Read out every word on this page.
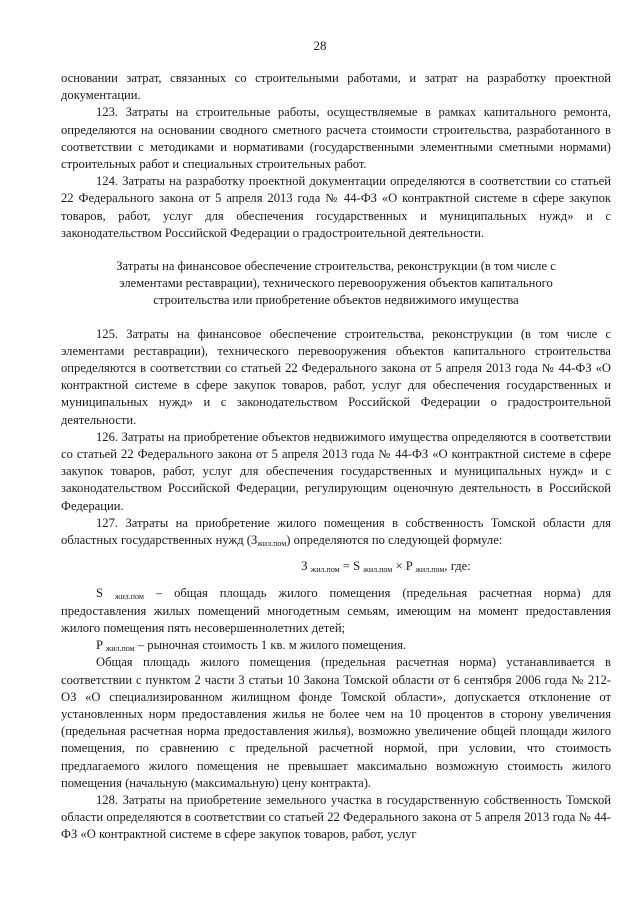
28

основании затрат, связанных со строительными работами, и затрат на разработку проектной документации.

123. Затраты на строительные работы, осуществляемые в рамках капитального ремонта, определяются на основании сводного сметного расчета стоимости строительства, разработанного в соответствии с методиками и нормативами (государственными элементными сметными нормами) строительных работ и специальных строительных работ.

124. Затраты на разработку проектной документации определяются в соответствии со статьей 22 Федерального закона от 5 апреля 2013 года № 44-ФЗ «О контрактной системе в сфере закупок товаров, работ, услуг для обеспечения государственных и муниципальных нужд» и с законодательством Российской Федерации о градостроительной деятельности.

Затраты на финансовое обеспечение строительства, реконструкции (в том числе с элементами реставрации), технического перевооружения объектов капитального строительства или приобретение объектов недвижимого имущества

125. Затраты на финансовое обеспечение строительства, реконструкции (в том числе с элементами реставрации), технического перевооружения объектов капитального строительства определяются в соответствии со статьей 22 Федерального закона от 5 апреля 2013 года № 44-ФЗ «О контрактной системе в сфере закупок товаров, работ, услуг для обеспечения государственных и муниципальных нужд» и с законодательством Российской Федерации о градостроительной деятельности.

126. Затраты на приобретение объектов недвижимого имущества определяются в соответствии со статьей 22 Федерального закона от 5 апреля 2013 года № 44-ФЗ «О контрактной системе в сфере закупок товаров, работ, услуг для обеспечения государственных и муниципальных нужд» и с законодательством Российской Федерации, регулирующим оценочную деятельность в Российской Федерации.

127. Затраты на приобретение жилого помещения в собственность Томской области для областных государственных нужд $(З_{жил.пом})$ определяются по следующей формуле:

З $_{жил.пом}$ = S $_{жил.пом}$ × P $_{жил.пом}$, где:

S $_{жил.пом}$ – общая площадь жилого помещения (предельная расчетная норма) для предоставления жилых помещений многодетным семьям, имеющим на момент предоставления жилого помещения пять несовершеннолетних детей;

P $_{жил.пом}$ – рыночная стоимость 1 кв. м жилого помещения.

Общая площадь жилого помещения (предельная расчетная норма) устанавливается в соответствии с пунктом 2 части 3 статьи 10 Закона Томской области от 6 сентября 2006 года № 212-ОЗ «О специализированном жилищном фонде Томской области», допускается отклонение от установленных норм предоставления жилья не более чем на 10 процентов в сторону увеличения (предельная расчетная норма предоставления жилья), возможно увеличение общей площади жилого помещения, по сравнению с предельной расчетной нормой, при условии, что стоимость предлагаемого жилого помещения не превышает максимально возможную стоимость жилого помещения (начальную (максимальную) цену контракта).

128. Затраты на приобретение земельного участка в государственную собственность Томской области определяются в соответствии со статьей 22 Федерального закона от 5 апреля 2013 года № 44-ФЗ «О контрактной системе в сфере закупок товаров, работ, услуг
